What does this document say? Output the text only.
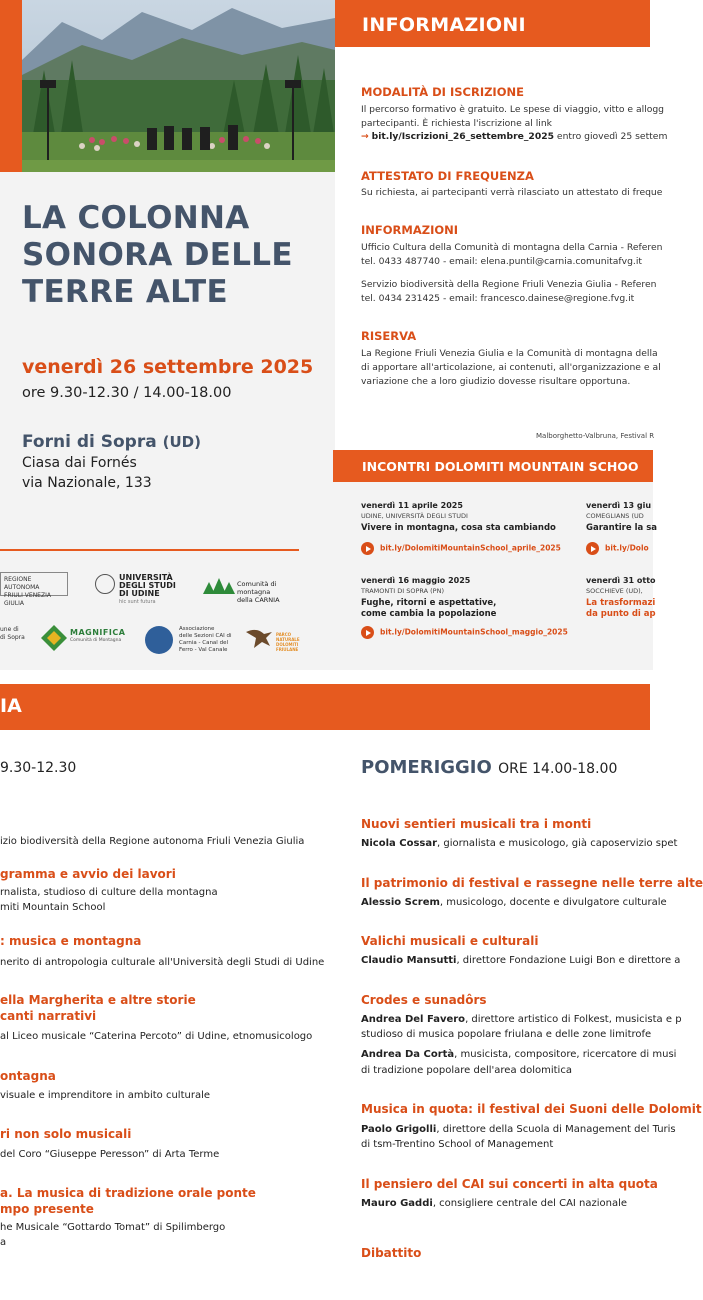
LA COLONNA
SONORA DELLE
TERRE ALTE
venerdì 26 settembre 2025
ore 9.30-12.30 / 14.00-18.00
Forni di Sopra (UD)
Ciasa dai Fornés
via Nazionale, 133
REGIONE AUTONOMA
FRIULI VENEZIA GIULIA
UNIVERSITÀ
DEGLI STUDI
DI UDINE
hic sunt futura
Comunità di montagna
della CARNIA
une di
di Sopra
MAGNIFICA
Comunità di Montagna
Associazione
delle Sezioni CAI di
Carnia - Canal del
Ferro - Val Canale
PARCO
NATURALE
DOLOMITI
FRIULANE
INFORMAZIONI
MODALITÀ DI ISCRIZIONE
Il percorso formativo è gratuito. Le spese di viaggio, vitto e allogg
partecipanti. È richiesta l'iscrizione al link
→ bit.ly/Iscrizioni_26_settembre_2025 entro giovedì 25 settem
ATTESTATO DI FREQUENZA
Su richiesta, ai partecipanti verrà rilasciato un attestato di freque
INFORMAZIONI
Ufficio Cultura della Comunità di montagna della Carnia - Referen
tel. 0433 487740 - email: elena.puntil@carnia.comunitafvg.it
Servizio biodiversità della Regione Friuli Venezia Giulia - Referen
tel. 0434 231425 - email: francesco.dainese@regione.fvg.it
RISERVA
La Regione Friuli Venezia Giulia e la Comunità di montagna della
di apportare all'articolazione, ai contenuti, all'organizzazione e al
variazione che a loro giudizio dovesse risultare opportuna.
Malborghetto-Valbruna, Festival R
INCONTRI DOLOMITI MOUNTAIN SCHOO
venerdì 11 aprile 2025
UDINE, UNIVERSITÀ DEGLI STUDI
Vivere in montagna, cosa sta cambiando
bit.ly/DolomitiMountainSchool_aprile_2025
venerdì 13 giu
COMEGLIANS (UD
Garantire la sa
bit.ly/Dolo
venerdì 16 maggio 2025
TRAMONTI DI SOPRA (PN)
Fughe, ritorni e aspettative,
come cambia la popolazione
bit.ly/DolomitiMountainSchool_maggio_2025
venerdì 31 otto
SOCCHIEVE (UD),
La trasformazi
da punto di ap
IA
9.30-12.30
izio biodiversità della Regione autonoma Friuli Venezia Giulia
gramma e avvio dei lavori
rnalista, studioso di culture della montagna
miti Mountain School
: musica e montagna
nerito di antropologia culturale all'Università degli Studi di Udine
ella Margherita e altre storie
canti narrativi
al Liceo musicale “Caterina Percoto” di Udine, etnomusicologo
ontagna
visuale e imprenditore in ambito culturale
ri non solo musicali
del Coro “Giuseppe Peresson” di Arta Terme
a. La musica di tradizione orale ponte
mpo presente
he Musicale “Gottardo Tomat” di Spilimbergo
a
POMERIGGIO ORE 14.00-18.00
Nuovi sentieri musicali tra i monti
Nicola Cossar, giornalista e musicologo, già caposervizio spet
Il patrimonio di festival e rassegne nelle terre alte
Alessio Screm, musicologo, docente e divulgatore culturale
Valichi musicali e culturali
Claudio Mansutti, direttore Fondazione Luigi Bon e direttore a
Crodes e sunadôrs
Andrea Del Favero, direttore artistico di Folkest, musicista e p
studioso di musica popolare friulana e delle zone limitrofe
Andrea Da Cortà, musicista, compositore, ricercatore di musi
di tradizione popolare dell'area dolomitica
Musica in quota: il festival dei Suoni delle Dolomit
Paolo Grigolli, direttore della Scuola di Management del Turis
di tsm-Trentino School of Management
Il pensiero del CAI sui concerti in alta quota
Mauro Gaddi, consigliere centrale del CAI nazionale
Dibattito
